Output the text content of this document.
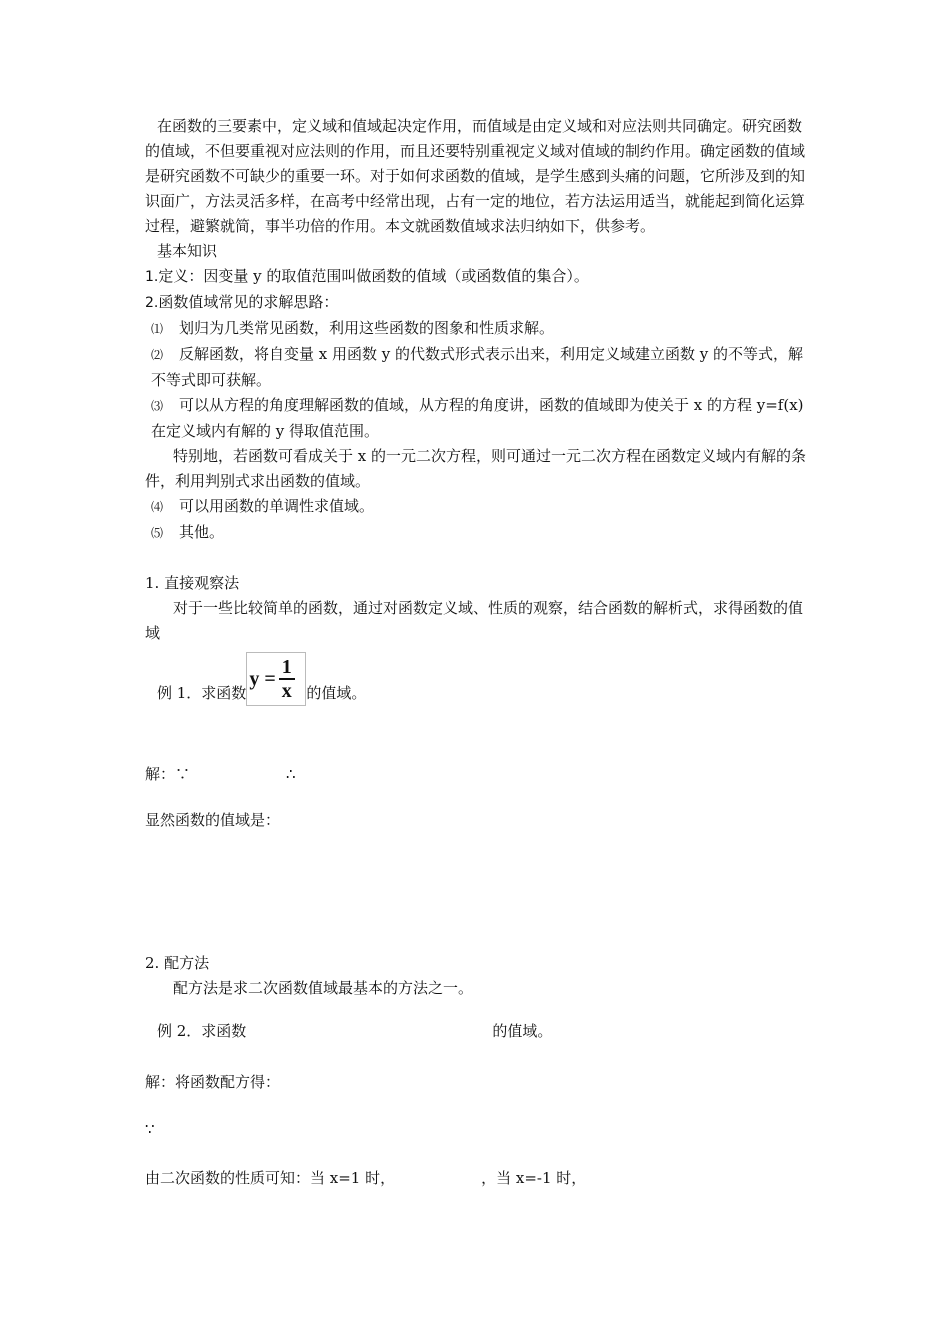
在函数的三要素中，定义域和值域起决定作用，而值域是由定义域和对应法则共同确定。研究函数的值域，不但要重视对应法则的作用，而且还要特别重视定义域对值域的制约作用。确定函数的值域是研究函数不可缺少的重要一环。对于如何求函数的值域，是学生感到头痛的问题，它所涉及到的知识面广，方法灵活多样，在高考中经常出现，占有一定的地位，若方法运用适当，就能起到简化运算过程，避繁就简，事半功倍的作用。本文就函数值域求法归纳如下，供参考。

基本知识

1.定义：因变量 y 的取值范围叫做函数的值域（或函数值的集合）。

2.函数值域常见的求解思路：

⑴ 划归为几类常见函数，利用这些函数的图象和性质求解。

⑵ 反解函数，将自变量 x 用函数 y 的代数式形式表示出来，利用定义域建立函数 y 的不等式，解不等式即可获解。

⑶ 可以从方程的角度理解函数的值域，从方程的角度讲，函数的值域即为使关于 x 的方程 y=f(x)在定义域内有解的 y 得取值范围。

特别地，若函数可看成关于 x 的一元二次方程，则可通过一元二次方程在函数定义域内有解的条件，利用判别式求出函数的值域。

⑷ 可以用函数的单调性求值域。

⑸ 其他。

1. 直接观察法

对于一些比较简单的函数，通过对函数定义域、性质的观察，结合函数的解析式，求得函数的值域

例 1．求函数
$y = \frac{1}{x}$ 的值域。

解：∵	∴

显然函数的值域是：

2. 配方法

配方法是求二次函数值域最基本的方法之一。

例 2．求函数	的值域。

解：将函数配方得：

∵

由二次函数的性质可知：当 x=1 时，	，当 x=-1 时，
